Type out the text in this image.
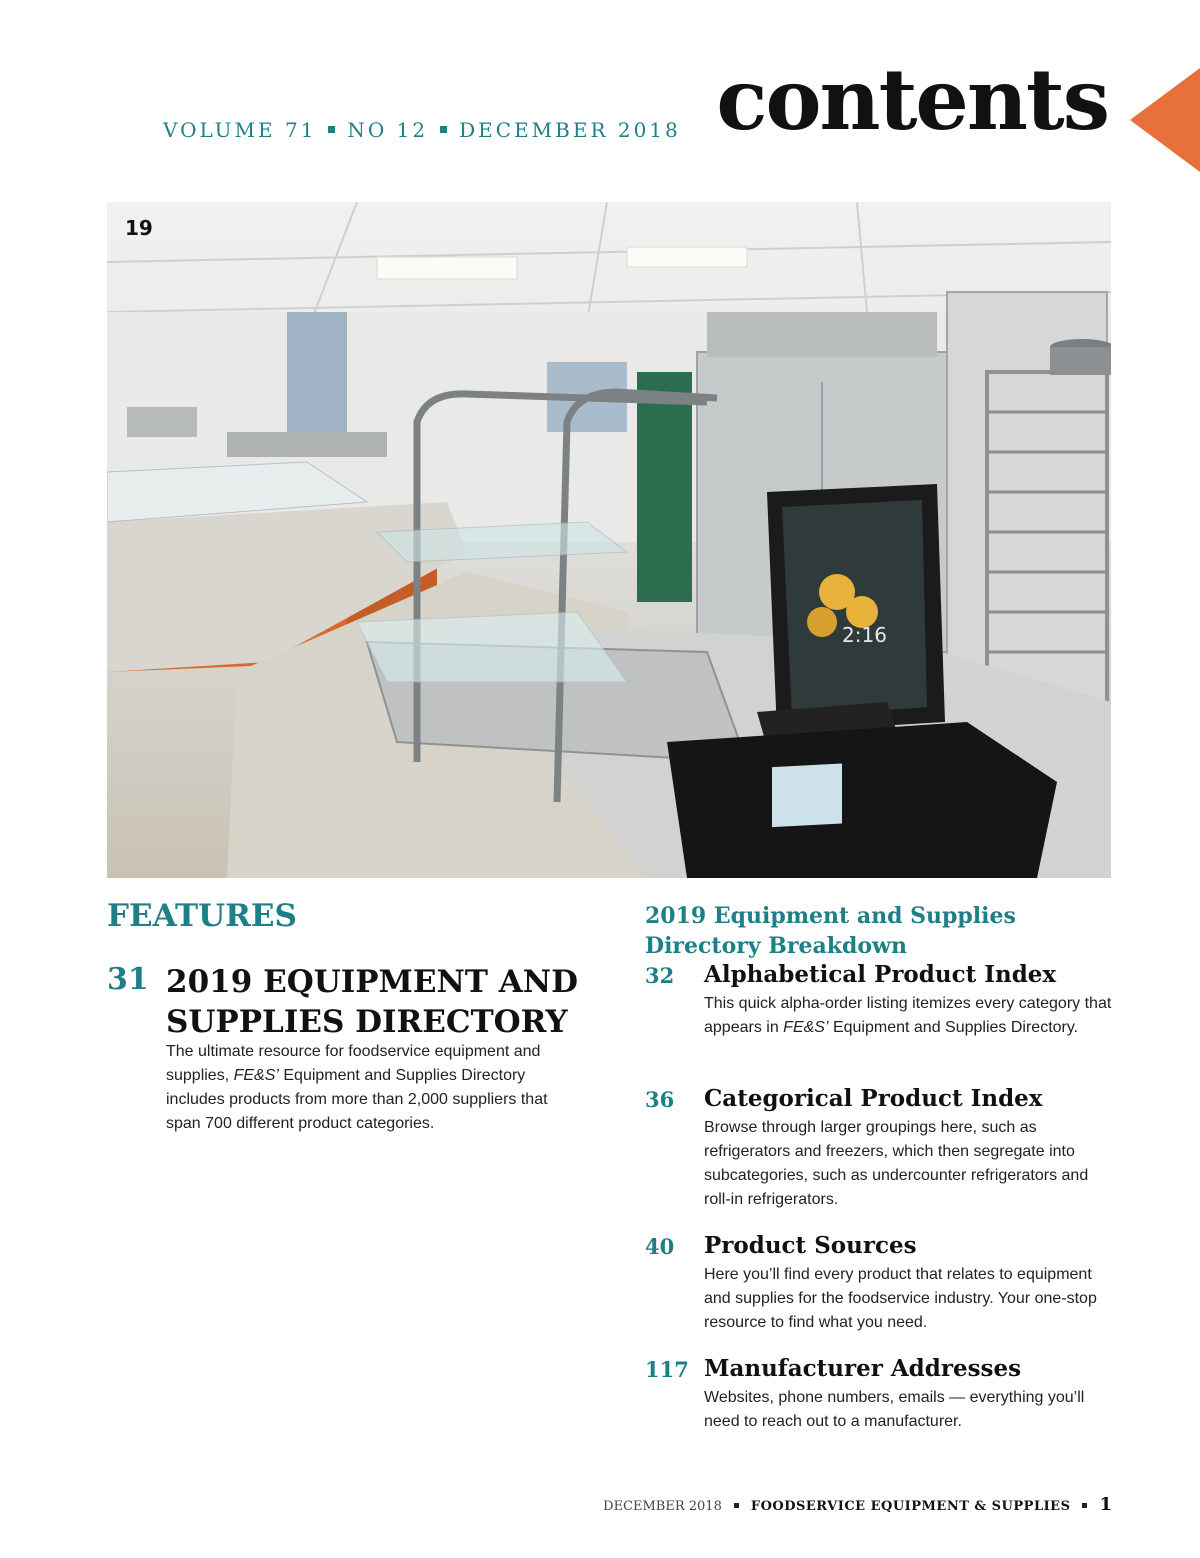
VOLUME 71 NO 12 DECEMBER 2018 contents
19
2:16
FEATURES
31 2019 EQUIPMENT AND SUPPLIES DIRECTORY
The ultimate resource for foodservice equipment and supplies, FE&S’ Equipment and Supplies Directory includes products from more than 2,000 suppliers that span 700 different product categories.
2019 Equipment and Supplies Directory Breakdown
32 Alphabetical Product Index
This quick alpha-order listing itemizes every category that appears in FE&S’ Equipment and Supplies Directory.
36 Categorical Product Index
Browse through larger groupings here, such as refrigerators and freezers, which then segregate into subcategories, such as undercounter refrigerators and roll-in refrigerators.
40 Product Sources
Here you’ll find every product that relates to equipment and supplies for the foodservice industry. Your one-stop resource to find what you need.
117 Manufacturer Addresses
Websites, phone numbers, emails — everything you’ll need to reach out to a manufacturer.
DECEMBER 2018 FOODSERVICE EQUIPMENT & SUPPLIES 1
